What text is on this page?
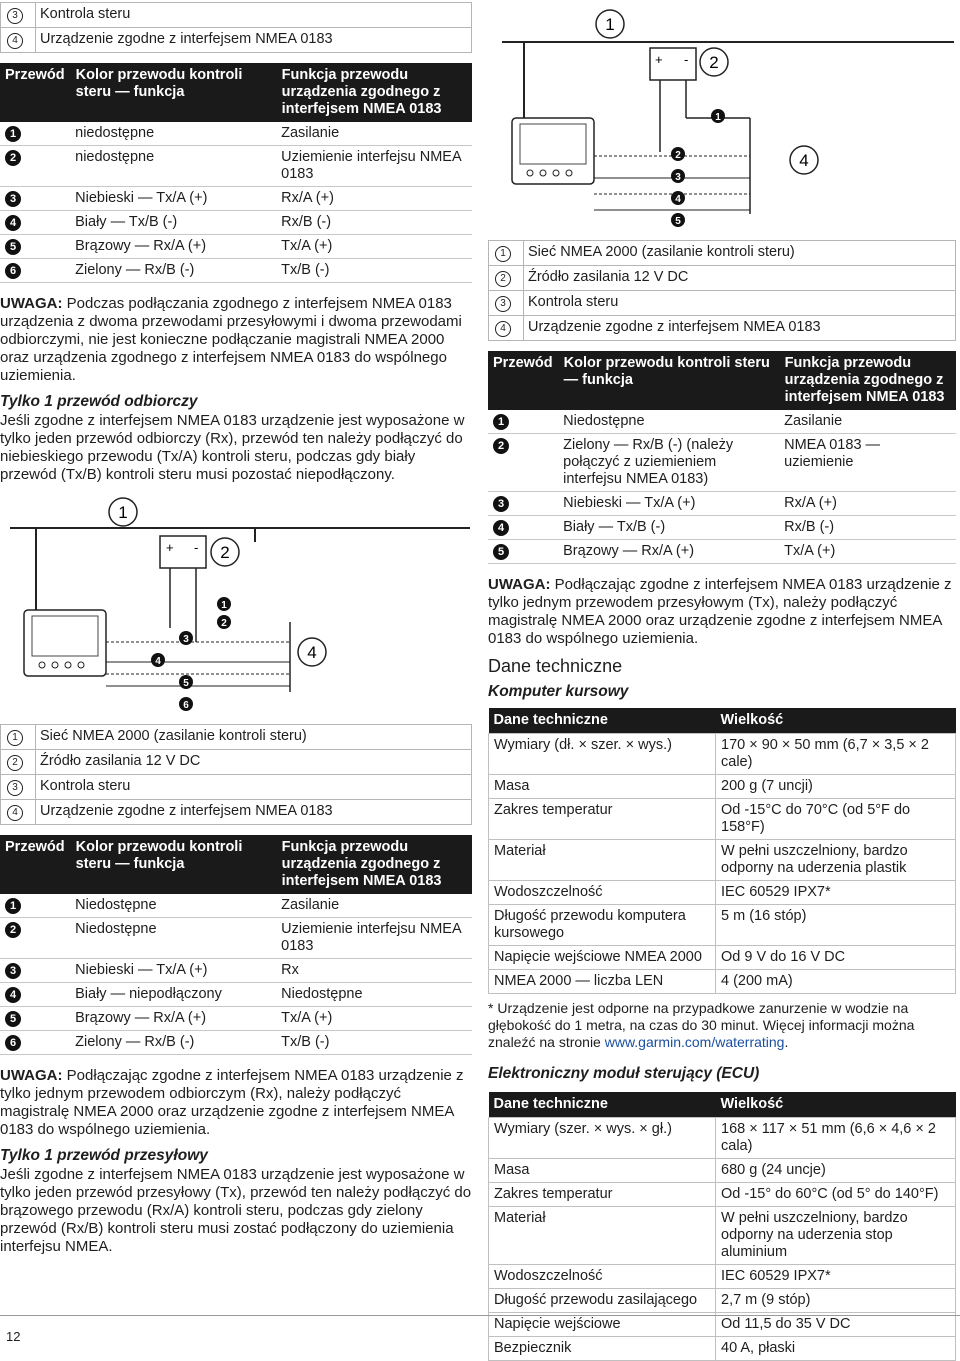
3	Kontrola steru
4	Urządzenie zgodne z interfejsem NMEA 0183
Przewód	Kolor przewodu kontroli steru — funkcja	Funkcja przewodu urządzenia zgodnego z interfejsem NMEA 0183
1	niedostępne	Zasilanie
2	niedostępne	Uziemienie interfejsu NMEA 0183
3	Niebieski — Tx/A (+)	Rx/A (+)
4	Biały — Tx/B (-)	Rx/B (-)
5	Brązowy — Rx/A (+)	Tx/A (+)
6	Zielony — Rx/B (-)	Tx/B (-)
UWAGA: Podczas podłączania zgodnego z interfejsem NMEA 0183 urządzenia z dwoma przewodami przesyłowymi i dwoma przewodami odbiorczymi, nie jest konieczne podłączanie magistrali NMEA 2000 oraz urządzenia zgodnego z interfejsem NMEA 0183 do wspólnego uziemienia.
Tylko 1 przewód odbiorczy
Jeśli zgodne z interfejsem NMEA 0183 urządzenie jest wyposażone w tylko jeden przewód odbiorczy (Rx), przewód ten należy podłączyć do niebieskiego przewodu (Tx/A) kontroli steru, podczas gdy biały przewód (Tx/B) kontroli steru musi pozostać niepodłączony.
1
2
4
+ -
1
2
3
4
5
6
1	Sieć NMEA 2000 (zasilanie kontroli steru)
2	Źródło zasilania 12 V DC
3	Kontrola steru
4	Urządzenie zgodne z interfejsem NMEA 0183
Przewód	Kolor przewodu kontroli steru — funkcja	Funkcja przewodu urządzenia zgodnego z interfejsem NMEA 0183
1	Niedostępne	Zasilanie
2	Niedostępne	Uziemienie interfejsu NMEA 0183
3	Niebieski — Tx/A (+)	Rx
4	Biały — niepodłączony	Niedostępne
5	Brązowy — Rx/A (+)	Tx/A (+)
6	Zielony — Rx/B (-)	Tx/B (-)
UWAGA: Podłączając zgodne z interfejsem NMEA 0183 urządzenie z tylko jednym przewodem odbiorczym (Rx), należy podłączyć magistralę NMEA 2000 oraz urządzenie zgodne z interfejsem NMEA 0183 do wspólnego uziemienia.
Tylko 1 przewód przesyłowy
Jeśli zgodne z interfejsem NMEA 0183 urządzenie jest wyposażone w tylko jeden przewód przesyłowy (Tx), przewód ten należy podłączyć do brązowego przewodu (Rx/A) kontroli steru, podczas gdy zielony przewód (Rx/B) kontroli steru musi zostać podłączony do uziemienia interfejsu NMEA.
1
2
4
+ -
1
2
3
4
5
1	Sieć NMEA 2000 (zasilanie kontroli steru)
2	Źródło zasilania 12 V DC
3	Kontrola steru
4	Urządzenie zgodne z interfejsem NMEA 0183
Przewód	Kolor przewodu kontroli steru — funkcja	Funkcja przewodu urządzenia zgodnego z interfejsem NMEA 0183
1	Niedostępne	Zasilanie
2	Zielony — Rx/B (-) (należy połączyć z uziemieniem interfejsu NMEA 0183)	NMEA 0183 — uziemienie
3	Niebieski — Tx/A (+)	Rx/A (+)
4	Biały — Tx/B (-)	Rx/B (-)
5	Brązowy — Rx/A (+)	Tx/A (+)
UWAGA: Podłączając zgodne z interfejsem NMEA 0183 urządzenie z tylko jednym przewodem przesyłowym (Tx), należy podłączyć magistralę NMEA 2000 oraz urządzenie zgodne z interfejsem NMEA 0183 do wspólnego uziemienia.
Dane techniczne
Komputer kursowy
Dane techniczne	Wielkość
Wymiary (dł. × szer. × wys.)	170 × 90 × 50 mm (6,7 × 3,5 × 2 cale)
Masa	200 g (7 uncji)
Zakres temperatur	Od -15°C do 70°C (od 5°F do 158°F)
Materiał	W pełni uszczelniony, bardzo odporny na uderzenia plastik
Wodoszczelność	IEC 60529 IPX7*
Długość przewodu komputera kursowego	5 m (16 stóp)
Napięcie wejściowe NMEA 2000	Od 9 V do 16 V DC
NMEA 2000 — liczba LEN	4 (200 mA)
* Urządzenie jest odporne na przypadkowe zanurzenie w wodzie na głębokość do 1 metra, na czas do 30 minut. Więcej informacji można znaleźć na stronie www.garmin.com/waterrating.
Elektroniczny moduł sterujący (ECU)
Dane techniczne	Wielkość
Wymiary (szer. × wys. × gł.)	168 × 117 × 51 mm (6,6 × 4,6 × 2 cala)
Masa	680 g (24 uncje)
Zakres temperatur	Od -15° do 60°C (od 5° do 140°F)
Materiał	W pełni uszczelniony, bardzo odporny na uderzenia stop aluminium
Wodoszczelność	IEC 60529 IPX7*
Długość przewodu zasilającego	2,7 m (9 stóp)
Napięcie wejściowe	Od 11,5 do 35 V DC
Bezpiecznik	40 A, płaski
12
